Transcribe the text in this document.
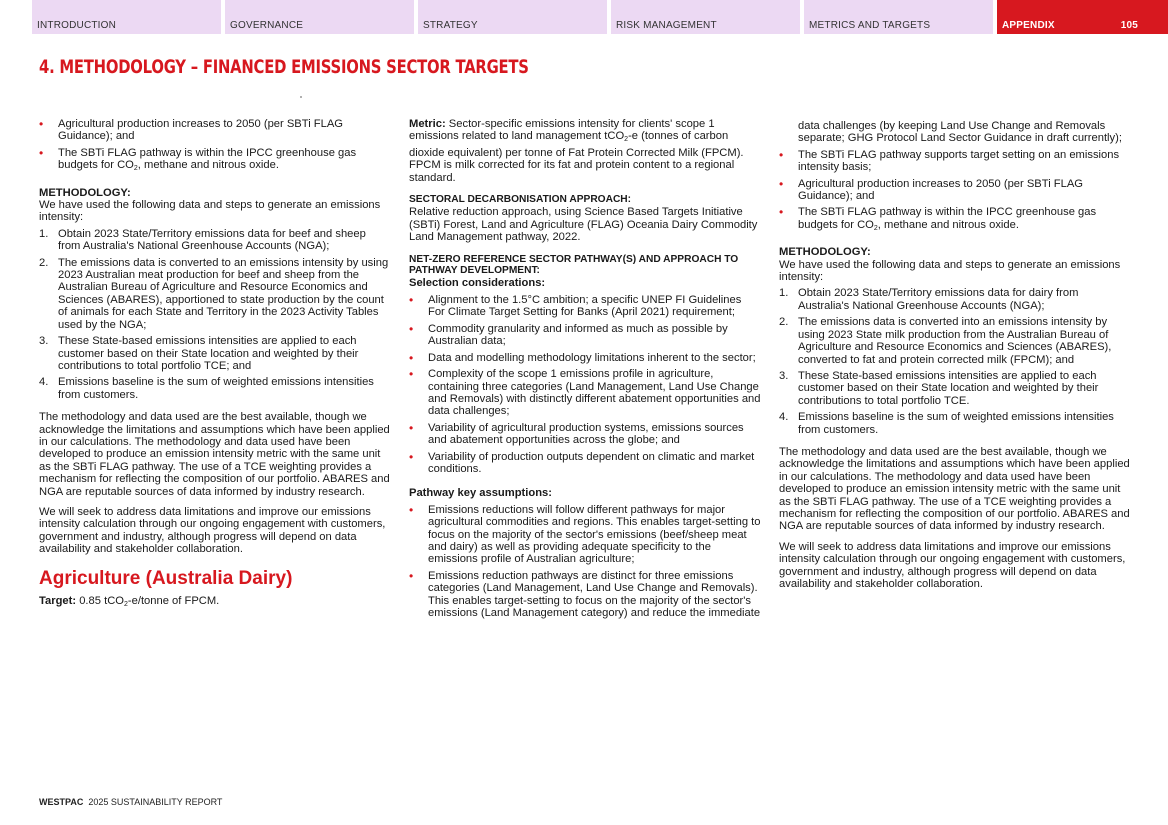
INTRODUCTION	GOVERNANCE	STRATEGY	RISK MANAGEMENT	METRICS AND TARGETS	APPENDIX	105
4. METHODOLOGY – FINANCED EMISSIONS SECTOR TARGETS
• Agricultural production increases to 2050 (per SBTi FLAG Guidance); and
• The SBTi FLAG pathway is within the IPCC greenhouse gas budgets for $CO_2$, methane and nitrous oxide.
METHODOLOGY:

We have used the following data and steps to generate an emissions intensity:

1. Obtain 2023 State/Territory emissions data for beef and sheep from Australia's National Greenhouse Accounts (NGA);
2. The emissions data is converted to an emissions intensity by using 2023 Australian meat production for beef and sheep from the Australian Bureau of Agriculture and Resource Economics and Sciences (ABARES), apportioned to state production by the count of animals for each State and Territory in the 2023 Activity Tables used by the NGA;
3. These State-based emissions intensities are applied to each customer based on their State location and weighted by their contributions to total portfolio TCE; and
4. Emissions baseline is the sum of weighted emissions intensities from customers.

The methodology and data used are the best available, though we acknowledge the limitations and assumptions which have been applied in our calculations. The methodology and data used have been developed to produce an emission intensity metric with the same unit as the SBTi FLAG pathway. The use of a TCE weighting provides a mechanism for reflecting the composition of our portfolio. ABARES and NGA are reputable sources of data informed by industry research.

We will seek to address data limitations and improve our emissions intensity calculation through our ongoing engagement with customers, government and industry, although progress will depend on data availability and stakeholder collaboration.

Agriculture (Australia Dairy)
Target: 0.85 tCO$_2$-e/tonne of FPCM.

Metric: Sector-specific emissions intensity for clients' scope 1 emissions related to land management tCO$_2$-e (tonnes of carbon dioxide equivalent) per tonne of Fat Protein Corrected Milk (FPCM). FPCM is milk corrected for its fat and protein content to a regional standard.

SECTORAL DECARBONISATION APPROACH:

Relative reduction approach, using Science Based Targets Initiative (SBTi) Forest, Land and Agriculture (FLAG) Oceania Dairy Commodity Land Management pathway, 2022.

NET-ZERO REFERENCE SECTOR PATHWAY(S) AND APPROACH TO PATHWAY DEVELOPMENT:
Selection considerations:
• Alignment to the 1.5°C ambition; a specific UNEP FI Guidelines For Climate Target Setting for Banks (April 2021) requirement;
• Commodity granularity and informed as much as possible by Australian data;
• Data and modelling methodology limitations inherent to the sector;
• Complexity of the scope 1 emissions profile in agriculture, containing three categories (Land Management, Land Use Change and Removals) with distinctly different abatement opportunities and data challenges;
• Variability of agricultural production systems, emissions sources and abatement opportunities across the globe; and
• Variability of production outputs dependent on climatic and market conditions.
Pathway key assumptions:
• Emissions reductions will follow different pathways for major agricultural commodities and regions. This enables target-setting to focus on the majority of the sector's emissions (beef/sheep meat and dairy) as well as providing adequate specificity to the emissions profile of Australian agriculture;
• Emissions reduction pathways are distinct for three emissions categories (Land Management, Land Use Change and Removals). This enables target-setting to focus on the majority of the sector's emissions (Land Management category) and reduce the immediate
data challenges (by keeping Land Use Change and Removals separate; GHG Protocol Land Sector Guidance in draft currently);
• The SBTi FLAG pathway supports target setting on an emissions intensity basis;
• Agricultural production increases to 2050 (per SBTi FLAG Guidance); and
• The SBTi FLAG pathway is within the IPCC greenhouse gas budgets for $CO_2$, methane and nitrous oxide.
METHODOLOGY:

We have used the following data and steps to generate an emissions intensity:

1. Obtain 2023 State/Territory emissions data for dairy from Australia's National Greenhouse Accounts (NGA);
2. The emissions data is converted into an emissions intensity by using 2023 State milk production from the Australian Bureau of Agriculture and Resource Economics and Sciences (ABARES), converted to fat and protein corrected milk (FPCM); and
3. These State-based emissions intensities are applied to each customer based on their State location and weighted by their contributions to total portfolio TCE.
4. Emissions baseline is the sum of weighted emissions intensities from customers.

The methodology and data used are the best available, though we acknowledge the limitations and assumptions which have been applied in our calculations. The methodology and data used have been developed to produce an emission intensity metric with the same unit as the SBTi FLAG pathway. The use of a TCE weighting provides a mechanism for reflecting the composition of our portfolio. ABARES and NGA are reputable sources of data informed by industry research.

We will seek to address data limitations and improve our emissions intensity calculation through our ongoing engagement with customers, government and industry, although progress will depend on data availability and stakeholder collaboration.

WESTPAC 2025 SUSTAINABILITY REPORT
